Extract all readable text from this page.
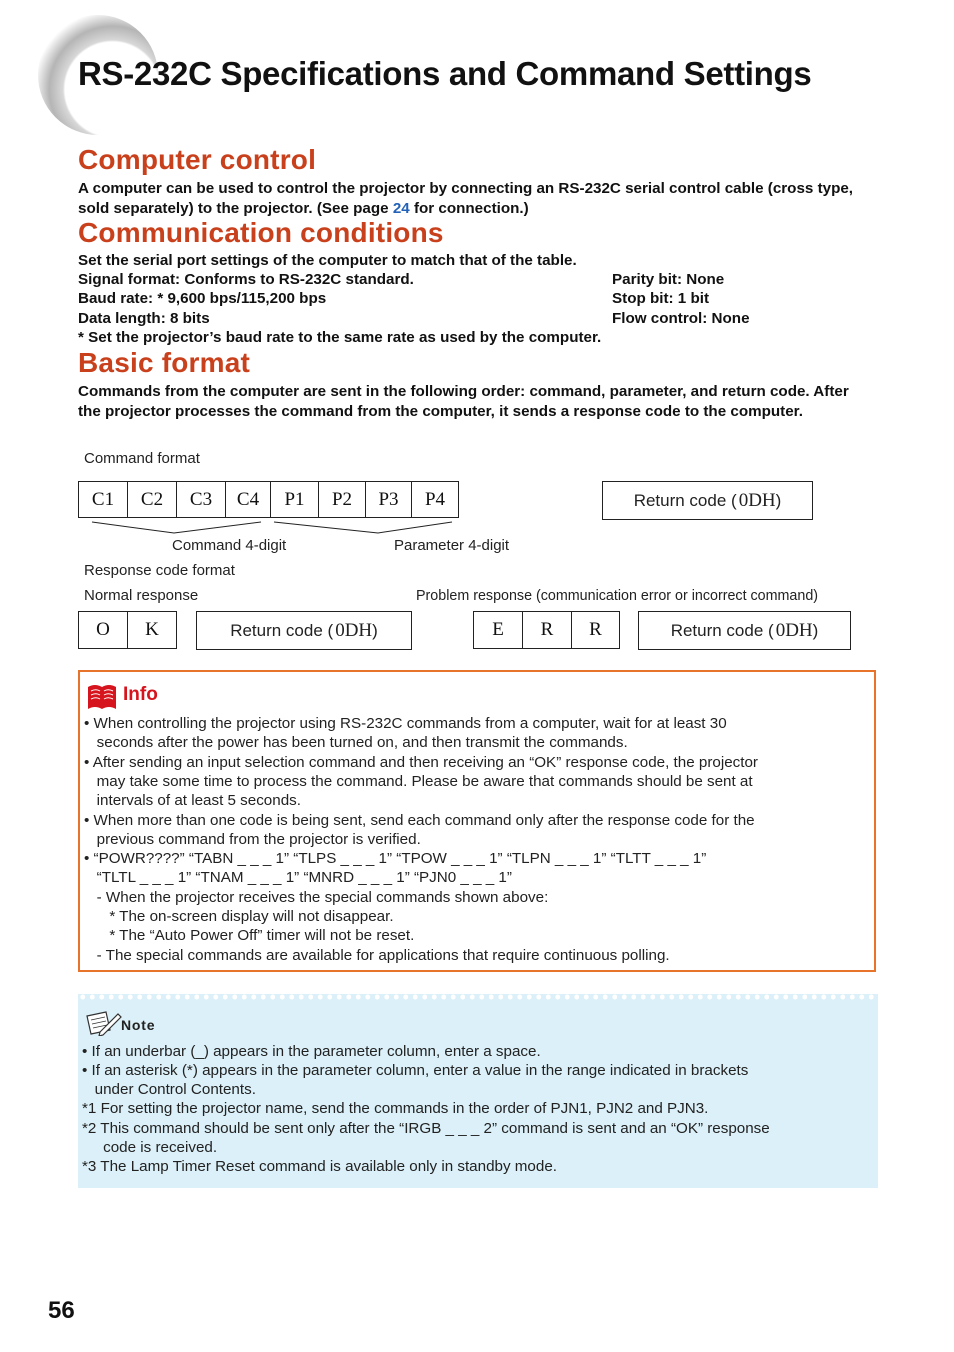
RS-232C Specifications and Command Settings
Computer control
A computer can be used to control the projector by connecting an RS-232C serial control cable (cross type, sold separately) to the projector. (See page 24 for connection.)
Communication conditions
Set the serial port settings of the computer to match that of the table.
Signal format: Conforms to RS-232C standard.
Baud rate: * 9,600 bps/115,200 bps
Data length: 8 bits
Parity bit: None
Stop bit: 1 bit
Flow control: None
* Set the projector’s baud rate to the same rate as used by the computer.
Basic format
Commands from the computer are sent in the following order: command, parameter, and return code. After the projector processes the command from the computer, it sends a response code to the computer.
Command format
C1	C2	C3	C4	P1	P2	P3	P4	Return code ( 0DH )
Command 4-digit	Parameter 4-digit
Response code format
Normal response	Problem response (communication error or incorrect command)
O	K	Return code ( 0DH )	E	R	R	Return code ( 0DH )
Info
• When controlling the projector using RS-232C commands from a computer, wait for at least 30
seconds after the power has been turned on, and then transmit the commands.
• After sending an input selection command and then receiving an “OK” response code, the projector
may take some time to process the command. Please be aware that commands should be sent at
intervals of at least 5 seconds.
• When more than one code is being sent, send each command only after the response code for the
previous command from the projector is verified.
• “POWR????” “TABN _ _ _ 1” “TLPS _ _ _ 1” “TPOW _ _ _ 1” “TLPN _ _ _ 1” “TLTT _ _ _ 1”
“TLTL _ _ _ 1” “TNAM _ _ _ 1” “MNRD _ _ _ 1” “PJN0 _ _ _ 1”
- When the projector receives the special commands shown above:
* The on-screen display will not disappear.
* The “Auto Power Off” timer will not be reset.
- The special commands are available for applications that require continuous polling.
Note
• If an underbar (_) appears in the parameter column, enter a space.
• If an asterisk (*) appears in the parameter column, enter a value in the range indicated in brackets
under Control Contents.
*1 For setting the projector name, send the commands in the order of PJN1, PJN2 and PJN3.
*2 This command should be sent only after the “IRGB _ _ _ 2” command is sent and an “OK” response
code is received.
*3 The Lamp Timer Reset command is available only in standby mode.
56
